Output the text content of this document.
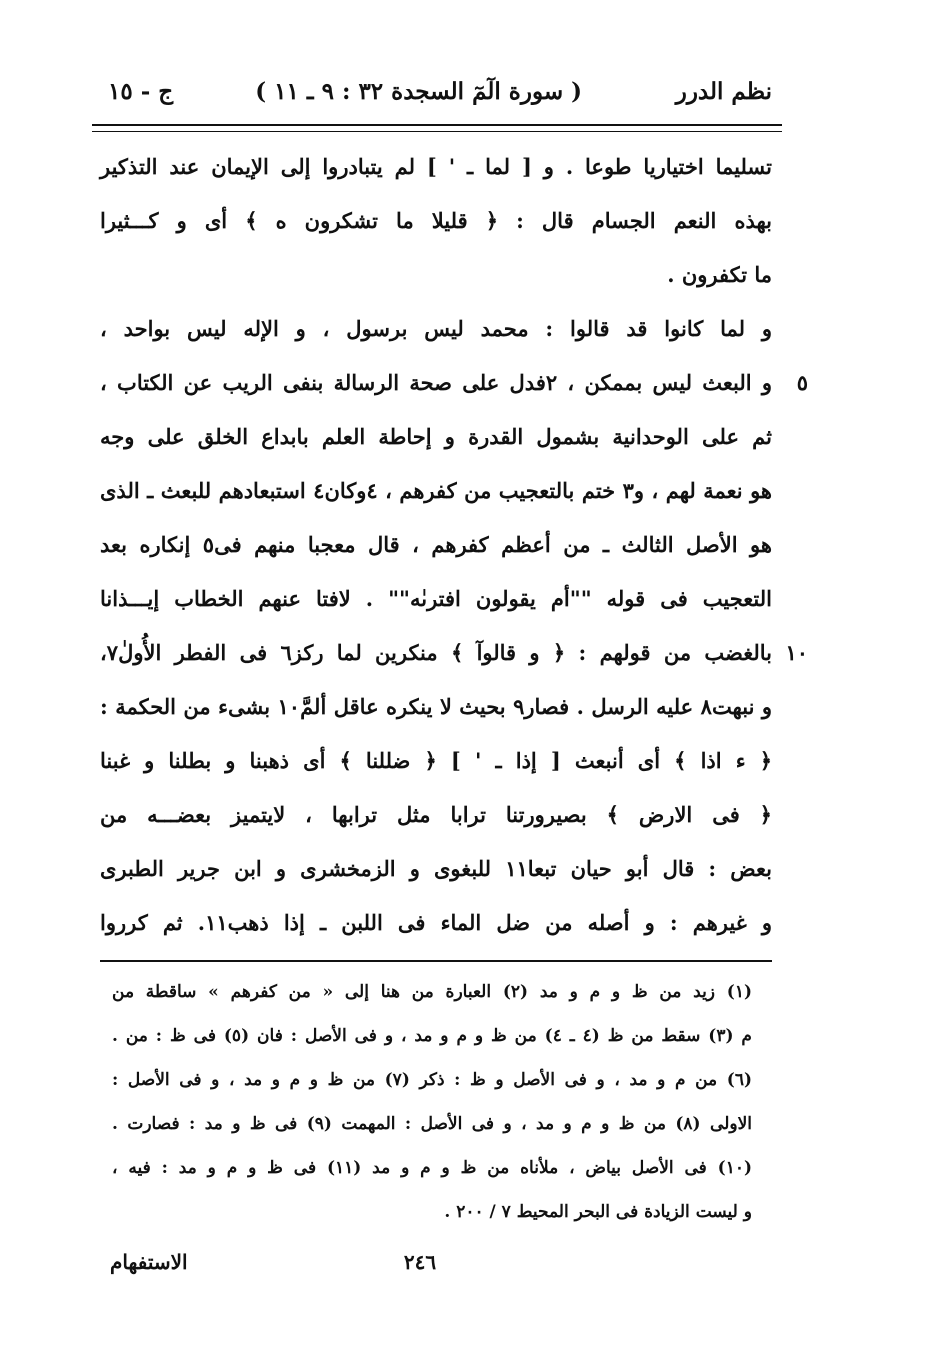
نظم الدرر
( سورة الٓمٓ السجدة ٣٢ : ٩ ـ ١١ )
ج - ١٥
تسليما اختياريا طوعا . و [ لما ـ ' ] لم يتبادروا إلى الإيمان عند التذكير
بهذه النعم الجسام قال : ﴿ قليلا ما تشكرون ه ﴾ أى و كـــثيرا
ما تكفرون .
و لما كانوا قد قالوا : محمد ليس برسول ، و الإله ليس بواحد ،
٥
و البعث ليس بممكن ، ٢فدل على صحة الرسالة بنفى الريب عن الكتاب ،
ثم على الوحدانية بشمول القدرة و إحاطة العلم بابداع الخلق على وجه
هو نعمة لهم ، و٣ ختم بالتعجيب من كفرهم ، ٤وكان٤ استبعادهم للبعث ـ الذى
هو الأصل الثالث ـ من أعظم كفرهم ، قال معجبا منهم فى٥ إنكاره بعد
التعجيب فى قوله ""أم يقولون افترىٰه"" . لافتا عنهم الخطاب إيـــذانا
١٠
بالغضب من قولهم : ﴿ و قالوآ ﴾ منكرين لما ركز٦ فى الفطر الأُولٰ٧،
و نبهت٨ عليه الرسل . فصار٩ بحيث لا ينكره عاقل ألمَّ١٠ بشىء من الحكمة :
﴿ ء اذا ﴾ أى أنبعث [ إذا ـ ' ] ﴿ ضللنا ﴾ أى ذهبنا و بطلنا و غبنا
﴿ فى الارض ﴾ بصيرورتنا ترابا مثل ترابها ، لايتميز بعضـــه من
بعض : قال أبو حيان تبعا١١ للبغوى و الزمخشرى و ابن جرير الطبرى
و غيرهم : و أصله من ضل الماء فى اللبن ـ إذا ذهب١١. ثم كرروا
(١) زيد من ظ و م و مد (٢) العبارة من هنا إلى « من كفرهم » ساقطة من
م (٣) سقط من ظ (٤ ـ ٤) من ظ و م و مد ، و فى الأصل : فان (٥) فى ظ : من .
(٦) من م و مد ، و فى الأصل و ظ : ذكر (٧) من ظ و م و مد ، و فى الأصل :
الاولى (٨) من ظ و م و مد ، و فى الأصل : المهمت (٩) فى ظ و مد : فصارت .
(١٠) فى الأصل بياض ، ملأناه من ظ و م و مد (١١) فى ظ و م و مد : فيه ،
و ليست الزيادة فى البحر المحيط ٧ / ٢٠٠ .
٢٤٦
الاستفهام
